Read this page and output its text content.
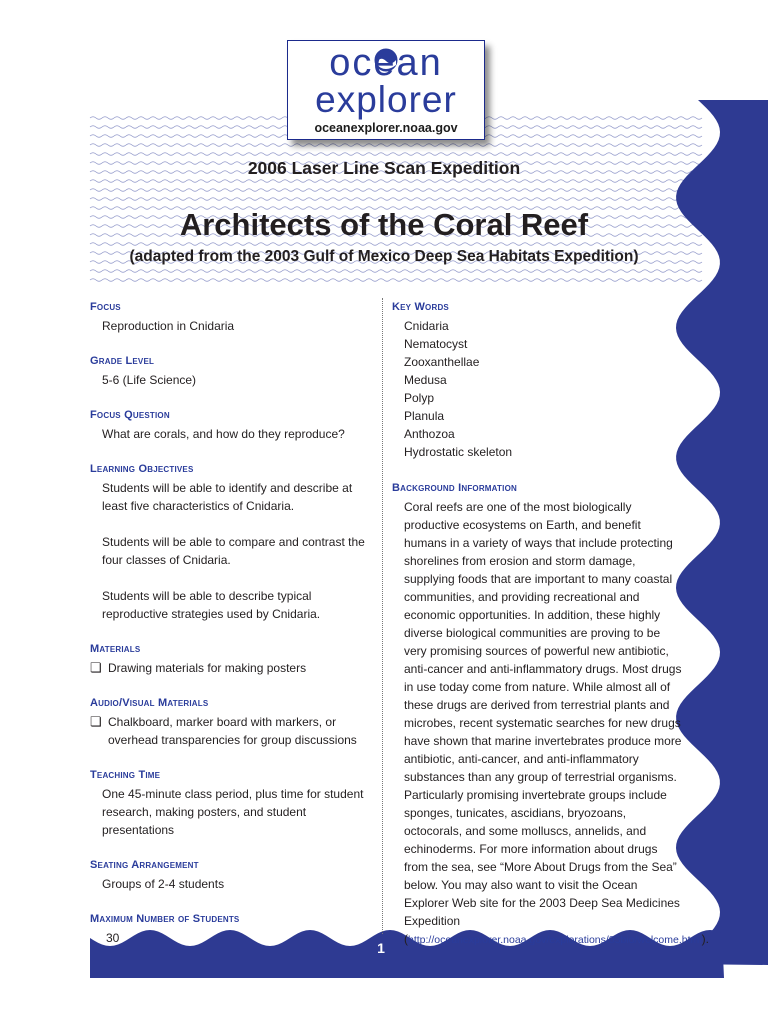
ocean
explorer
oceanexplorer.noaa.gov
2006 Laser Line Scan Expedition
Architects of the Coral Reef
(adapted from the 2003 Gulf of Mexico Deep Sea Habitats Expedition)
Focus
Reproduction in Cnidaria
Grade Level
5-6 (Life Science)
Focus Question
What are corals, and how do they reproduce?
Learning Objectives
Students will be able to identify and describe at least five characteristics of Cnidaria.
Students will be able to compare and contrast the four classes of Cnidaria.
Students will be able to describe typical reproductive strategies used by Cnidaria.
Materials
❏ Drawing materials for making posters
Audio/Visual Materials
❏ Chalkboard, marker board with markers, or overhead transparencies for group discussions
Teaching Time
One 45-minute class period, plus time for student research, making posters, and student presentations
Seating Arrangement
Groups of 2-4 students
Maximum Number of Students
30
Key Words
Cnidaria
Nematocyst
Zooxanthellae
Medusa
Polyp
Planula
Anthozoa
Hydrostatic skeleton
Background Information
Coral reefs are one of the most biologically productive ecosystems on Earth, and benefit humans in a variety of ways that include protecting shorelines from erosion and storm damage, supplying foods that are important to many coastal communities, and providing recreational and economic opportunities. In addition, these highly diverse biological communities are proving to be very promising sources of powerful new antibiotic, anti-cancer and anti-inflammatory drugs. Most drugs in use today come from nature. While almost all of these drugs are derived from terrestrial plants and microbes, recent systematic searches for new drugs have shown that marine invertebrates produce more antibiotic, anti-cancer, and anti-inflammatory substances than any group of terrestrial organisms. Particularly promising invertebrate groups include sponges, tunicates, ascidians, bryozoans, octocorals, and some molluscs, annelids, and echinoderms. For more information about drugs from the sea, see “More About Drugs from the Sea” below. You may also want to visit the Ocean Explorer Web site for the 2003 Deep Sea Medicines Expedition (http://oceanexplorer.noaa.gov/explorations/03bio/welcome.html).
1
